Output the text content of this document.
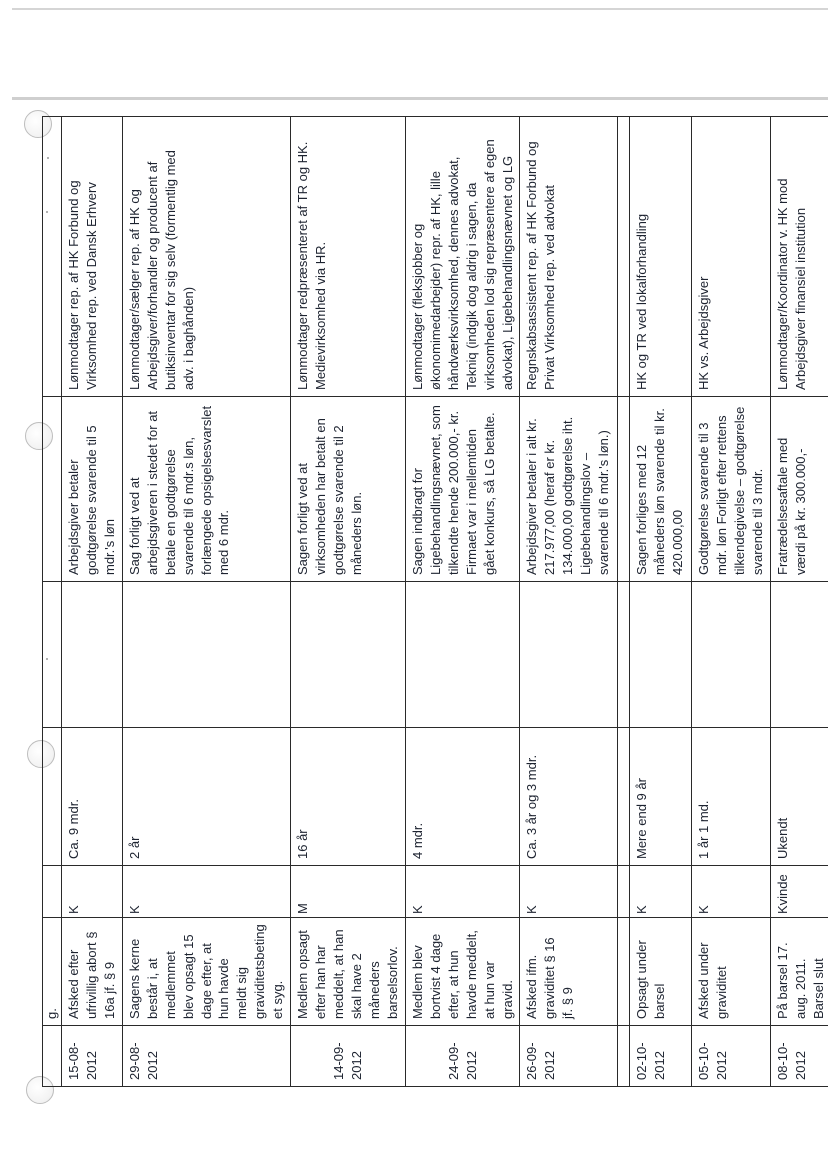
	g.					
15-08-2012	Afsked efter ufrivillig abort § 16a jf. § 9	K	Ca. 9 mdr.		Arbejdsgiver betaler godtgørelse svarende til 5 mdr.'s løn	Lønmodtager rep. af HK Forbund og Virksomhed rep. ved Dansk Erhverv
29-08-2012	Sagens kerne består i, at medlemmet blev opsagt 15 dage efter, at hun havde meldt sig graviditetsbetinget syg.	K	2 år		Sag forligt ved at arbejdsgiveren i stedet for at betale en godtgørelse svarende til 6 mdr.s løn, forlængede opsigelsesvarslet med 6 mdr.	Lønmodtager/sælger rep. af HK og Arbejdsgiver/forhandler og producent af butiksinventar for sig selv (formentlig med adv. i baghånden)
14-09-2012	Medlem opsagt efter han har meddelt, at han skal have 2 måneders barselsorlov.	M	16 år		Sagen forligt ved at virksomheden har betalt en godtgørelse svarende til 2 måneders løn.	Lønmodtager redpræsenteret af TR og HK. Medievirksomhed via HR.
24-09-2012	Medlem blev bortvist 4 dage efter, at hun havde meddelt, at hun var gravid.	K	4 mdr.		Sagen indbragt for Ligebehandlingsnævnet, som tilkendte hende 200.000,- kr. Firmaet var i mellemtiden gået konkurs, så LG betalte.	Lønmodtager (fleksjobber og økonomimedarbejder) repr. af HK, lille håndværksvirksomhed, dennes advokat, Tekniq (indgik dog aldrig i sagen, da virksomheden lod sig repræsentere af egen advokat), Ligebehandlingsnævnet og LG
26-09-2012	Afsked ifm. graviditet § 16 jf. § 9	K	Ca. 3 år og 3 mdr.		Arbejdsgiver betaler i alt kr. 217.977,00 (heraf er kr. 134.000,00 godtgørelse iht. Ligebehandlingslov – svarende til 6 mdr.'s løn.)	Regnskabsassistent rep. af HK Forbund og Privat Virksomhed rep. ved advokat

02-10-2012	Opsagt under barsel	K	Mere end 9 år		Sagen forliges med 12 måneders løn svarende til kr. 420.000,00	HK og TR ved lokalforhandling
05-10-2012	Afsked under graviditet	K	1 år 1 md.		Godtgørelse svarende til 3 mdr. løn Forligt efter rettens tilkendegivelse – godtgørelse svarende til 3 mdr.	HK vs. Arbejdsgiver
08-10-2012	På barsel 17. aug. 2011. Barsel slut	Kvinde	Ukendt		Fratrædelsesaftale med værdi på kr. 300.000,-	Lønmodtager/Koordinator v. HK mod Arbejdsgiver finansiel institution
